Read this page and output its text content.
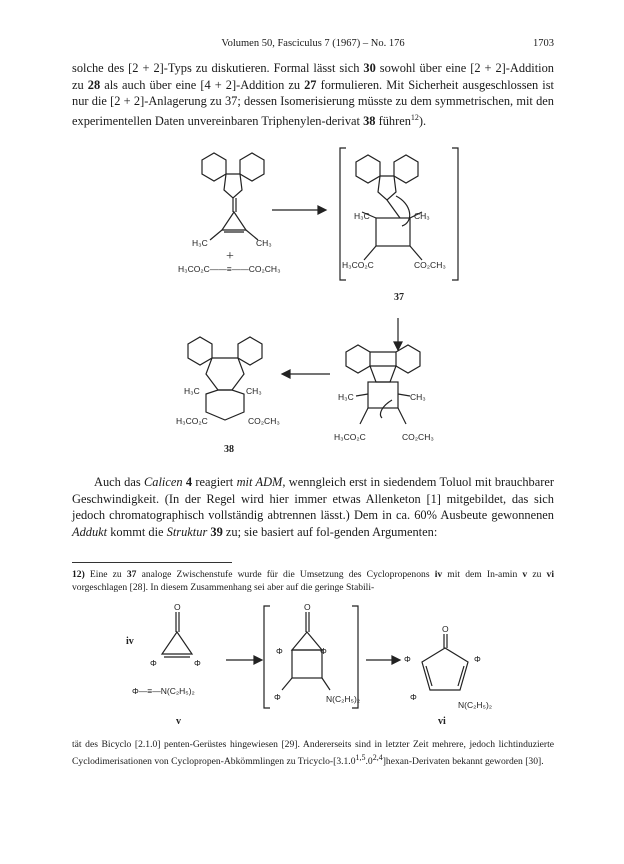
Volumen 50, Fasciculus 7 (1967) – No. 176	1703
solche des [2 + 2]-Typs zu diskutieren. Formal lässt sich 30 sowohl über eine [2 + 2]-Addition zu 28 als auch über eine [4 + 2]-Addition zu 27 formulieren. Mit Sicherheit ausgeschlossen ist nur die [2 + 2]-Anlagerung zu 37; dessen Isomerisierung müsste zu dem symmetrischen, mit den experimentellen Daten unvereinbaren Triphenylen-derivat 38 führen$^{12}$).
H₃C	CH₃
+
H₃CO₂C——≡——CO₂CH₃
H₃C	CH₃
H₃CO₂C	CO₂CH₃
37
H₃C	CH₃
H₃CO₂C	CO₂CH₃
H₃C	CH₃
H₃CO₂C	CO₂CH₃
38
Auch das Calicen 4 reagiert mit ADM, wenngleich erst in siedendem Toluol mit brauchbarer Geschwindigkeit. (In der Regel wird hier immer etwas Allenketon [1] mitgebildet, das sich jedoch chromatographisch vollständig abtrennen lässt.) Dem in ca. 60% Ausbeute gewonnenen Addukt kommt die Struktur 39 zu; sie basiert auf fol-genden Argumenten:
12) Eine zu 37 analoge Zwischenstufe wurde für die Umsetzung des Cyclopropenons iv mit dem In-amin v zu vi vorgeschlagen [28]. In diesem Zusammenhang sei aber auf die geringe Stabili-
O
iv
Φ	Φ
Φ—≡—N(C₂H₅)₂
v
O
Φ	Φ
Φ	N(C₂H₅)₂
O
Φ	Φ
Φ
N(C₂H₅)₂
vi
tät des Bicyclo [2.1.0] penten-Gerüstes hingewiesen [29]. Andererseits sind in letzter Zeit mehrere, jedoch lichtinduzierte Cyclodimerisationen von Cyclopropen-Abkömmlingen zu Tricyclo-[3.1.0$^{1,5}$.0$^{2,4}$]hexan-Derivaten bekannt geworden [30].
